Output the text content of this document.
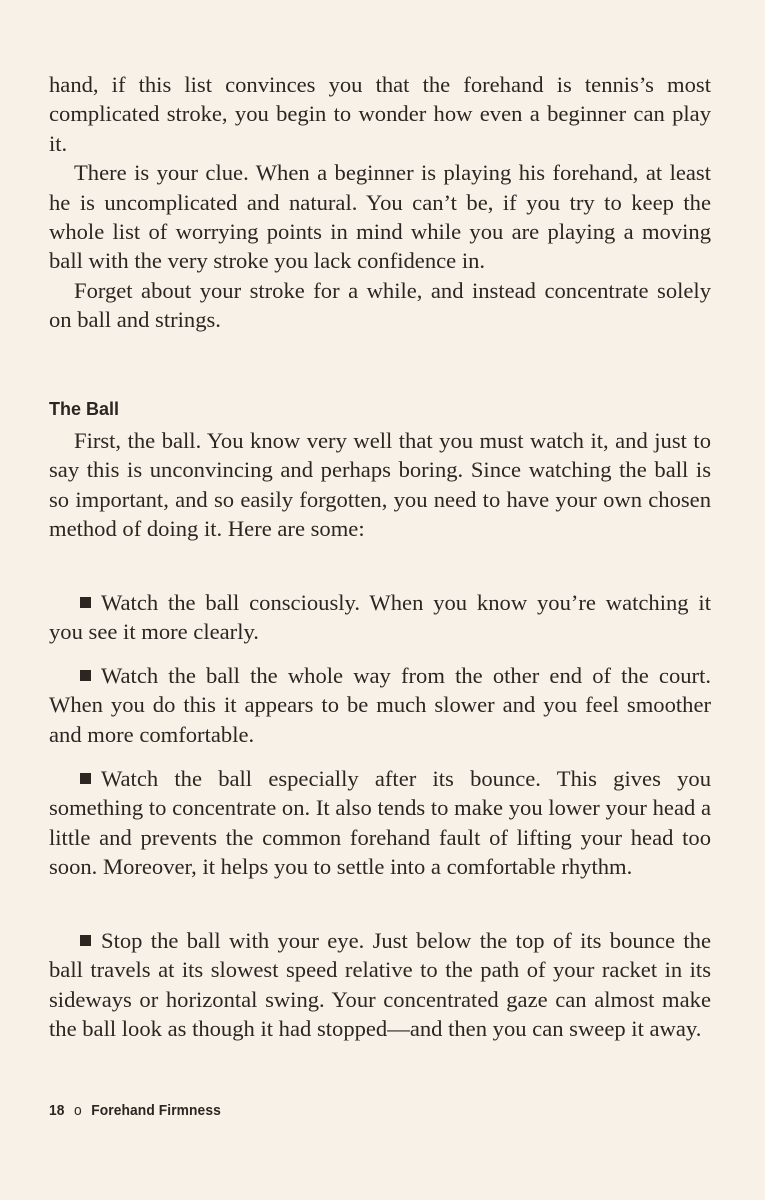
hand, if this list convinces you that the forehand is tennis’s most complicated stroke, you begin to wonder how even a beginner can play it.

There is your clue. When a beginner is playing his forehand, at least he is uncomplicated and natural. You can’t be, if you try to keep the whole list of worrying points in mind while you are playing a moving ball with the very stroke you lack confidence in.

Forget about your stroke for a while, and instead concentrate solely on ball and strings.

The Ball

First, the ball. You know very well that you must watch it, and just to say this is unconvincing and perhaps boring. Since watching the ball is so important, and so easily forgotten, you need to have your own chosen method of doing it. Here are some:

Watch the ball consciously. When you know you’re watching it you see it more clearly.

Watch the ball the whole way from the other end of the court. When you do this it appears to be much slower and you feel smoother and more comfortable.

Watch the ball especially after its bounce. This gives you something to concentrate on. It also tends to make you lower your head a little and prevents the common forehand fault of lifting your head too soon. Moreover, it helps you to settle into a comfortable rhythm.

Stop the ball with your eye. Just below the top of its bounce the ball travels at its slowest speed relative to the path of your racket in its sideways or horizontal swing. Your concentrated gaze can almost make the ball look as though it had stopped—and then you can sweep it away.

18 o Forehand Firmness
